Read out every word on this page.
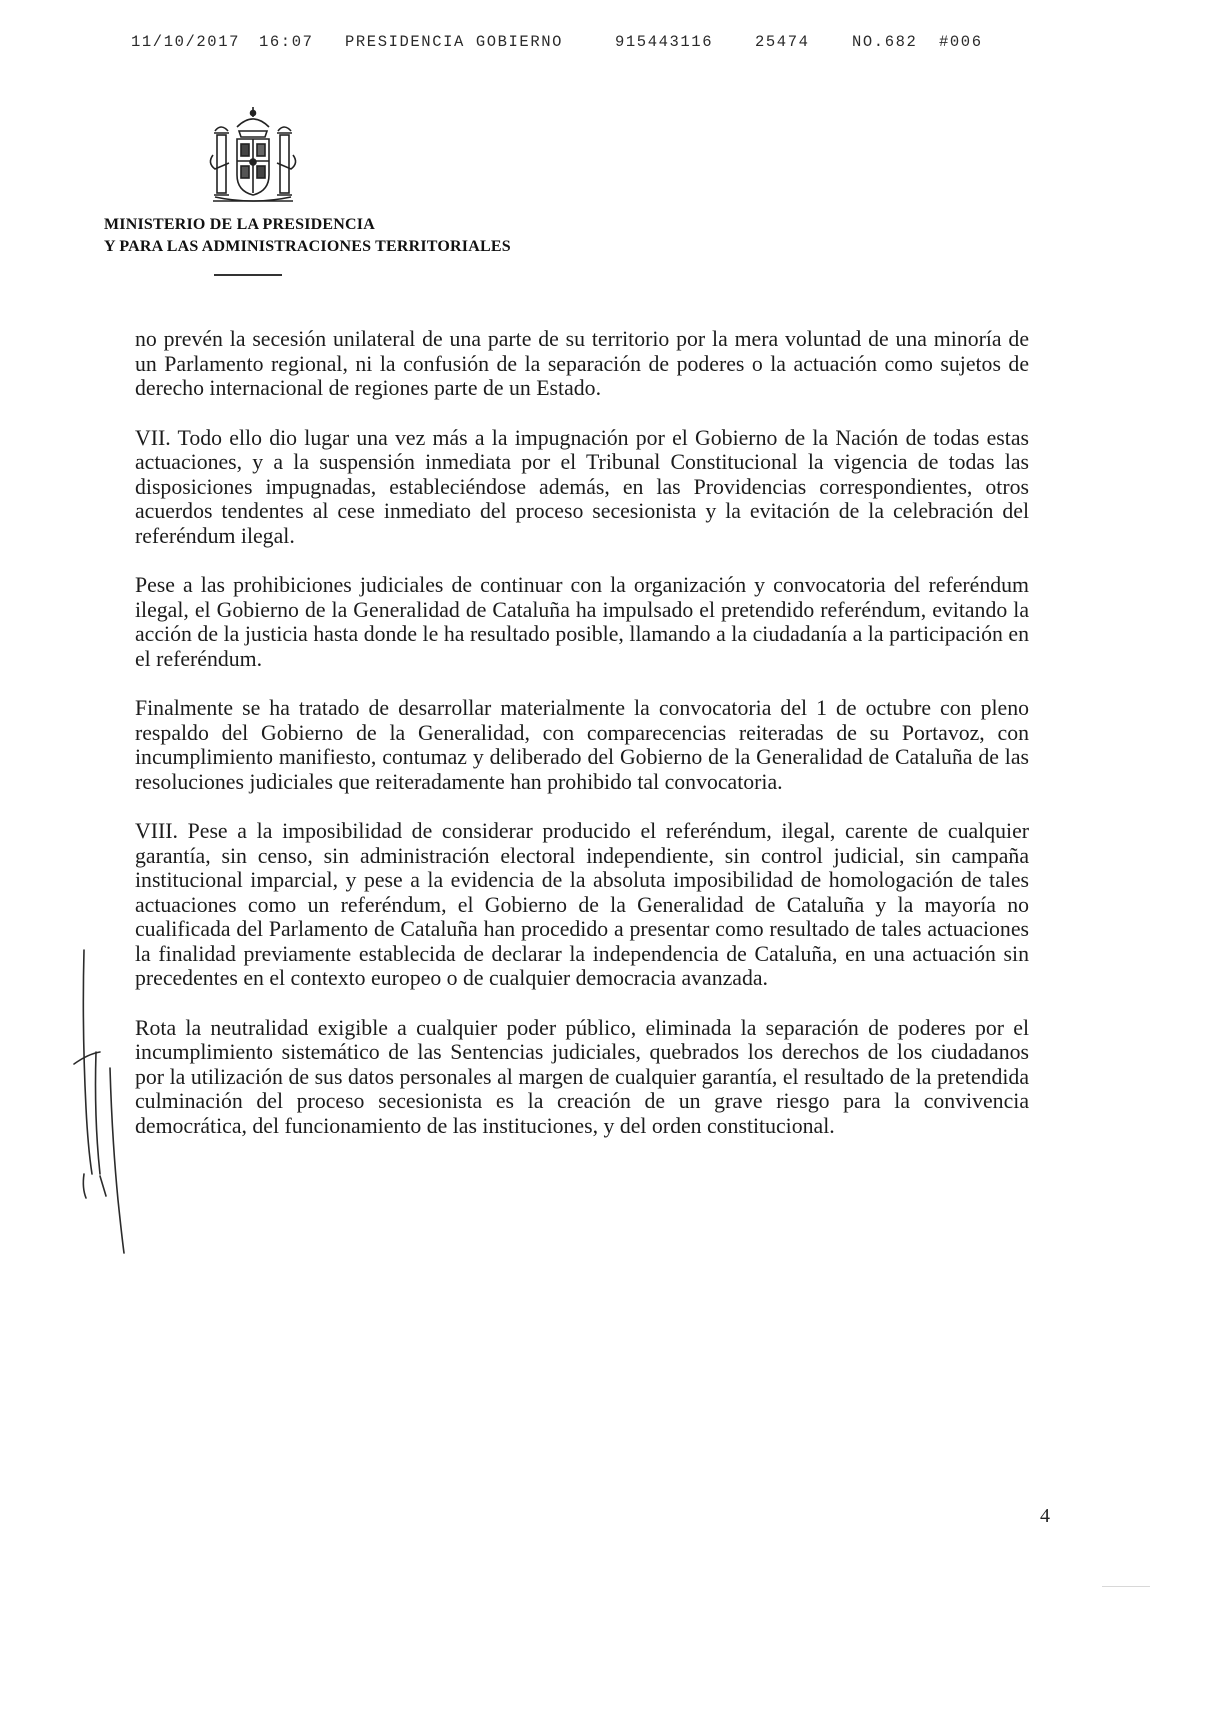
11/10/2017 16:07 PRESIDENCIA GOBIERNO	915443116	25474	NO.682 #006
MINISTERIO DE LA PRESIDENCIA
Y PARA LAS ADMINISTRACIONES TERRITORIALES

no prevén la secesión unilateral de una parte de su territorio por la mera voluntad de una minoría de un Parlamento regional, ni la confusión de la separación de poderes o la actuación como sujetos de derecho internacional de regiones parte de un Estado.

VII. Todo ello dio lugar una vez más a la impugnación por el Gobierno de la Nación de todas estas actuaciones, y a la suspensión inmediata por el Tribunal Constitucional la vigencia de todas las disposiciones impugnadas, estableciéndose además, en las Providencias correspondientes, otros acuerdos tendentes al cese inmediato del proceso secesionista y la evitación de la celebración del referéndum ilegal.

Pese a las prohibiciones judiciales de continuar con la organización y convocatoria del referéndum ilegal, el Gobierno de la Generalidad de Cataluña ha impulsado el pretendido referéndum, evitando la acción de la justicia hasta donde le ha resultado posible, llamando a la ciudadanía a la participación en el referéndum.

Finalmente se ha tratado de desarrollar materialmente la convocatoria del 1 de octubre con pleno respaldo del Gobierno de la Generalidad, con comparecencias reiteradas de su Portavoz, con incumplimiento manifiesto, contumaz y deliberado del Gobierno de la Generalidad de Cataluña de las resoluciones judiciales que reiteradamente han prohibido tal convocatoria.

VIII. Pese a la imposibilidad de considerar producido el referéndum, ilegal, carente de cualquier garantía, sin censo, sin administración electoral independiente, sin control judicial, sin campaña institucional imparcial, y pese a la evidencia de la absoluta imposibilidad de homologación de tales actuaciones como un referéndum, el Gobierno de la Generalidad de Cataluña y la mayoría no cualificada del Parlamento de Cataluña han procedido a presentar como resultado de tales actuaciones la finalidad previamente establecida de declarar la independencia de Cataluña, en una actuación sin precedentes en el contexto europeo o de cualquier democracia avanzada.

Rota la neutralidad exigible a cualquier poder público, eliminada la separación de poderes por el incumplimiento sistemático de las Sentencias judiciales, quebrados los derechos de los ciudadanos por la utilización de sus datos personales al margen de cualquier garantía, el resultado de la pretendida culminación del proceso secesionista es la creación de un grave riesgo para la convivencia democrática, del funcionamiento de las instituciones, y del orden constitucional.

4
